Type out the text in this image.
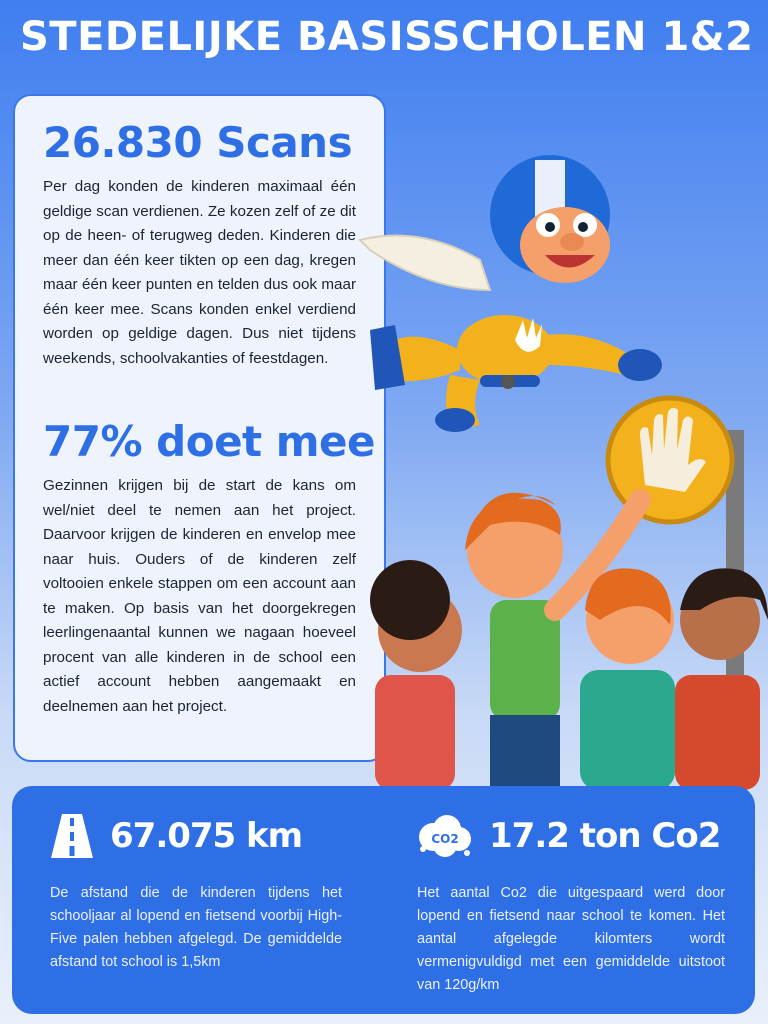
STEDELIJKE BASISSCHOLEN 1&2
26.830 Scans

Per dag konden de kinderen maximaal één geldige scan verdienen. Ze kozen zelf of ze dit op de heen- of terugweg deden. Kinderen die meer dan één keer tikten op een dag, kregen maar één keer punten en telden dus ook maar één keer mee. Scans konden enkel verdiend worden op geldige dagen. Dus niet tijdens weekends, schoolvakanties of feestdagen.

77% doet mee

Gezinnen krijgen bij de start de kans om wel/niet deel te nemen aan het project. Daarvoor krijgen de kinderen en envelop mee naar huis. Ouders of de kinderen zelf voltooien enkele stappen om een account aan te maken. Op basis van het doorgekregen leerlingenaantal kunnen we nagaan hoeveel procent van alle kinderen in de school een actief account hebben aangemaakt en deelnemen aan het project.

67.075 km

De afstand die de kinderen tijdens het schooljaar al lopend en fietsend voorbij High-Five palen hebben afgelegd. De gemiddelde afstand tot school is 1,5km

CO2 17.2 ton Co2

Het aantal Co2 die uitgespaard werd door lopend en fietsend naar school te komen. Het aantal afgelegde kilomters wordt vermenigvuldigd met een gemiddelde uitstoot van 120g/km
